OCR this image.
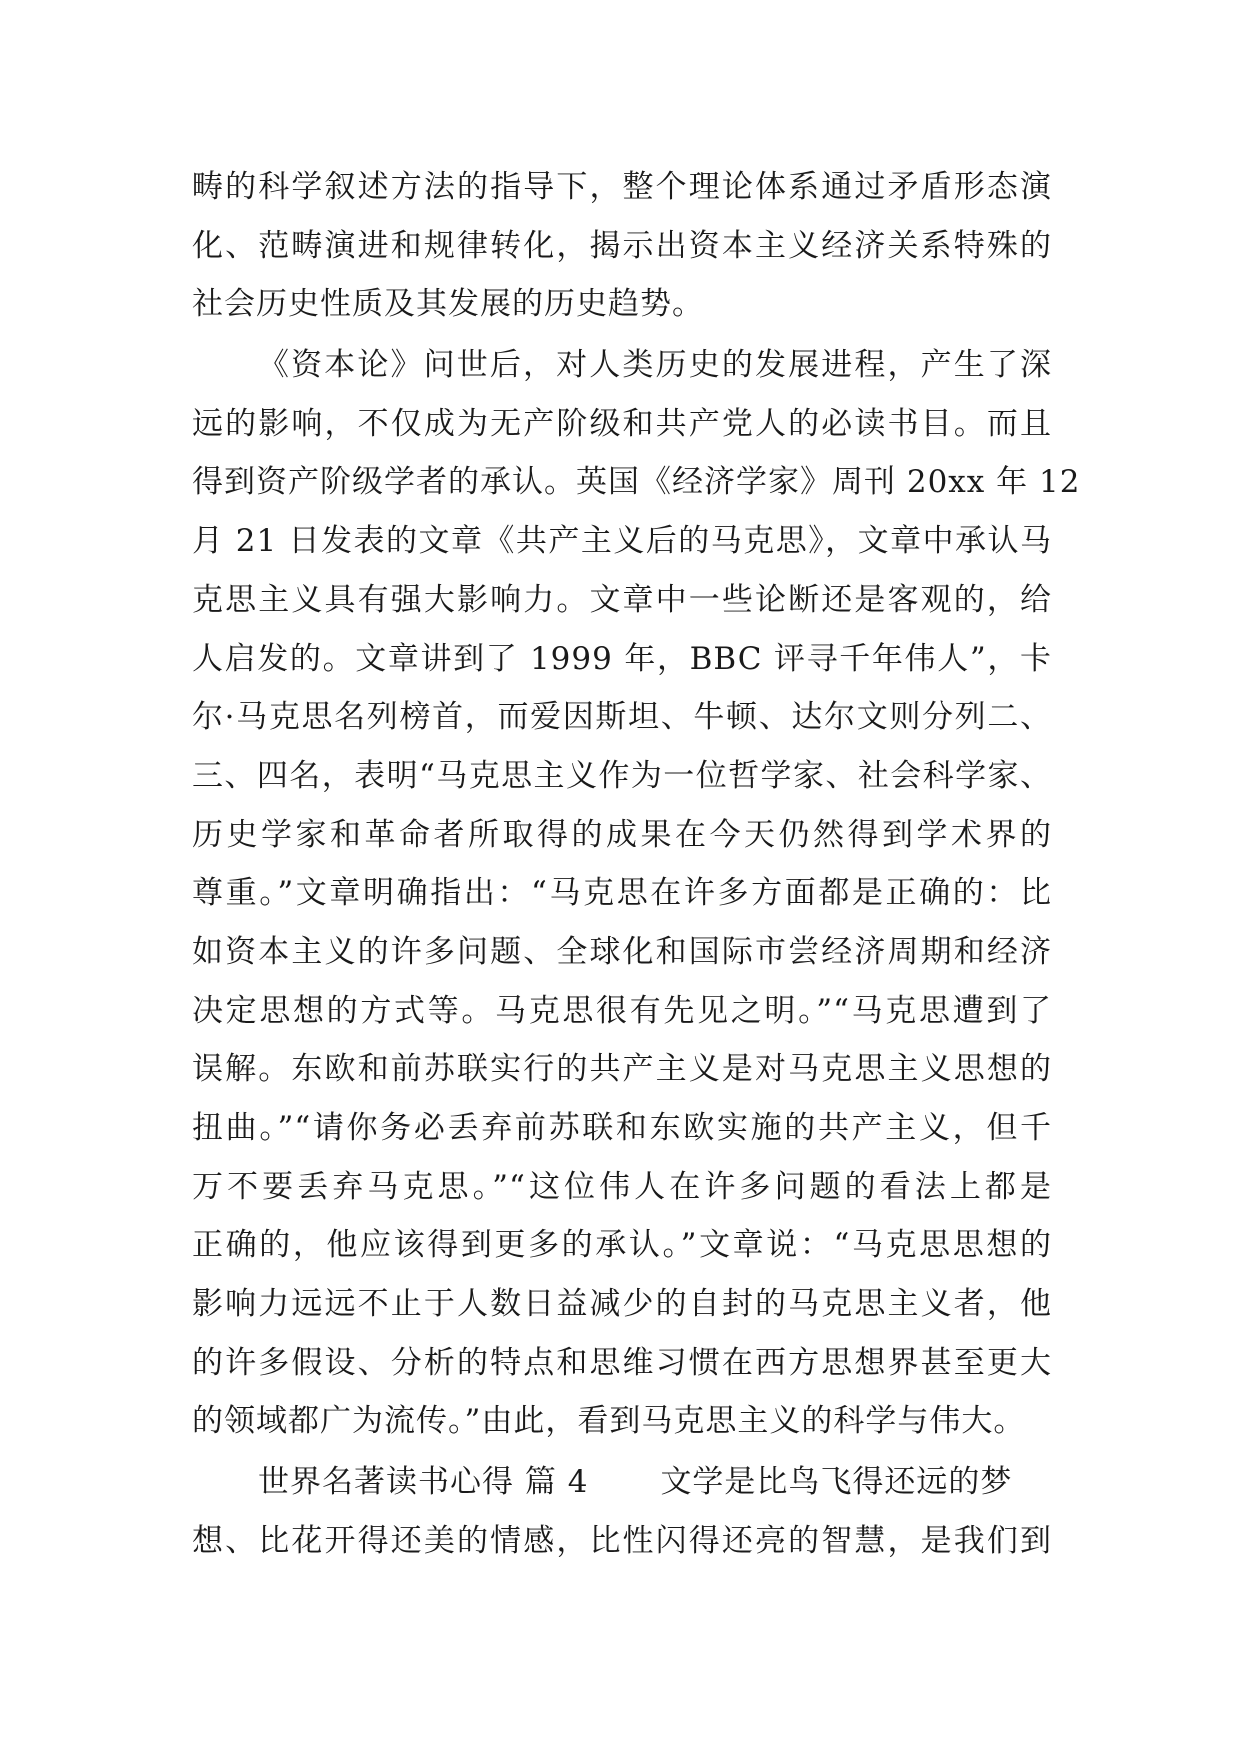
畴的科学叙述方法的指导下，整个理论体系通过矛盾形态演
化、范畴演进和规律转化，揭示出资本主义经济关系特殊的
社会历史性质及其发展的历史趋势。
《资本论》问世后，对人类历史的发展进程，产生了深
远的影响，不仅成为无产阶级和共产党人的必读书目。而且
得到资产阶级学者的承认。英国《经济学家》周刊 20xx 年 12
月 21 日发表的文章《共产主义后的马克思》，文章中承认马
克思主义具有强大影响力。文章中一些论断还是客观的，给
人启发的。文章讲到了 1999 年，BBC 评寻千年伟人”，卡
尔·马克思名列榜首，而爱因斯坦、牛顿、达尔文则分列二、
三、四名，表明“马克思主义作为一位哲学家、社会科学家、
历史学家和革命者所取得的成果在今天仍然得到学术界的
尊重。”文章明确指出：“马克思在许多方面都是正确的：比
如资本主义的许多问题、全球化和国际市尝经济周期和经济
决定思想的方式等。马克思很有先见之明。”“马克思遭到了
误解。东欧和前苏联实行的共产主义是对马克思主义思想的
扭曲。”“请你务必丢弃前苏联和东欧实施的共产主义，但千
万不要丢弃马克思。”“这位伟人在许多问题的看法上都是
正确的，他应该得到更多的承认。”文章说：“马克思思想的
影响力远远不止于人数日益减少的自封的马克思主义者，他
的许多假设、分析的特点和思维习惯在西方思想界甚至更大
的领域都广为流传。”由此，看到马克思主义的科学与伟大。
世界名著读书心得 篇 4 文学是比鸟飞得还远的梦
想、比花开得还美的情感，比性闪得还亮的智慧，是我们到
